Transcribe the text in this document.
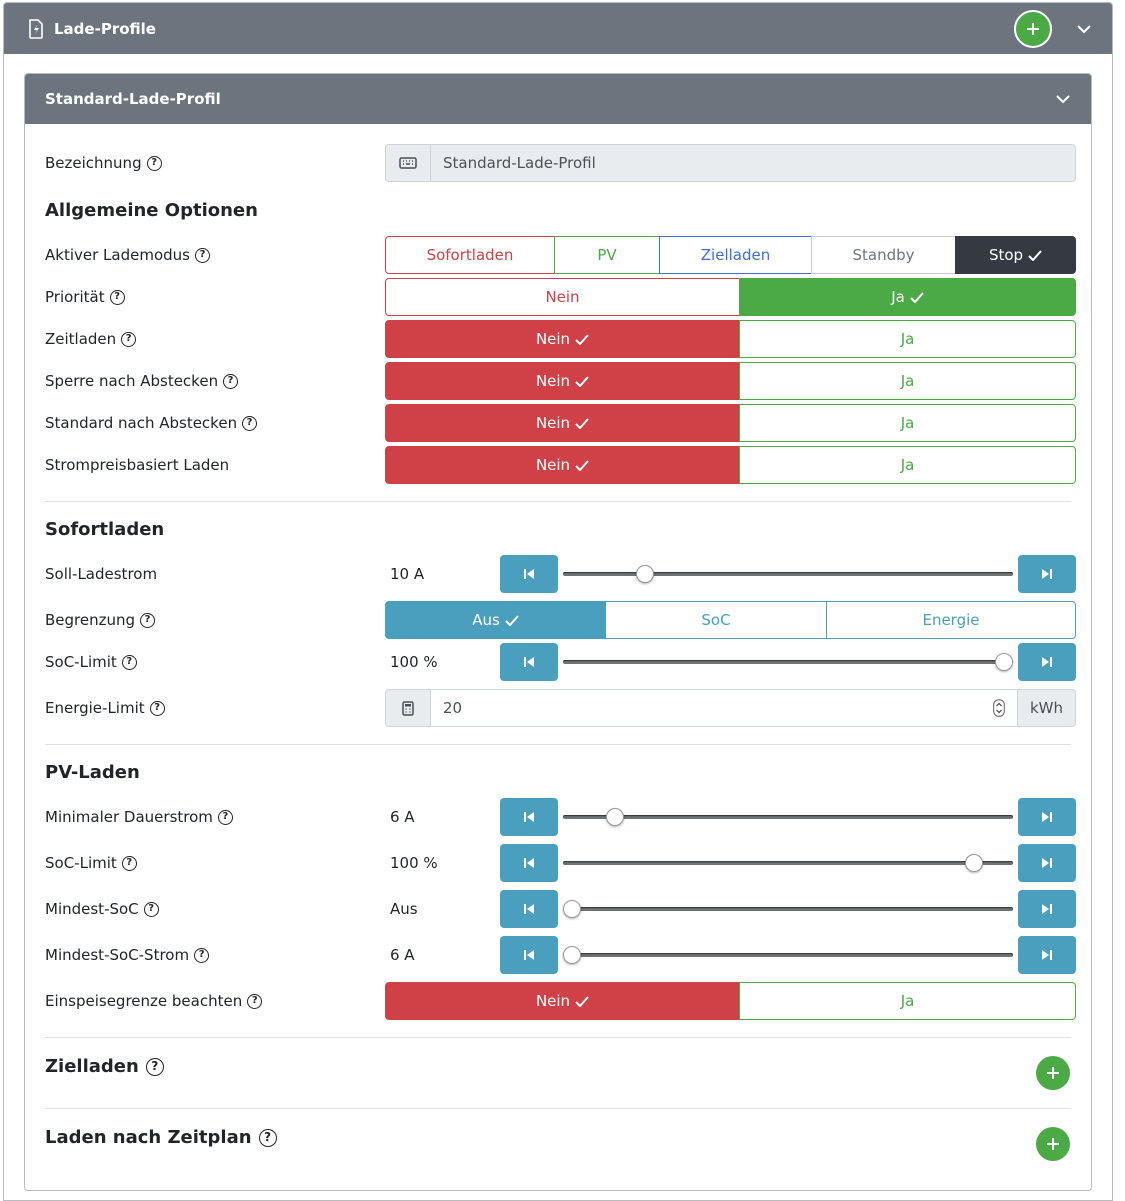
Lade-Profile
Standard-Lade-Profil
Bezeichnung ?	Standard-Lade-Profil
Allgemeine Optionen
Aktiver Lademodus ?	Sofortladen	PV	Zielladen	Standby	Stop
Priorität ?	Nein	Ja
Zeitladen ?	Nein	Ja
Sperre nach Abstecken ?	Nein	Ja
Standard nach Abstecken ?	Nein	Ja
Strompreisbasiert Laden	Nein	Ja
Sofortladen
Soll-Ladestrom	10 A
Begrenzung ?	Aus	SoC	Energie
SoC-Limit ?	100 %
Energie-Limit ?	20	kWh
PV-Laden
Minimaler Dauerstrom ?	6 A
SoC-Limit ?	100 %
Mindest-SoC ?	Aus
Mindest-SoC-Strom ?	6 A
Einspeisegrenze beachten ?	Nein	Ja
Zielladen	?
Laden nach Zeitplan	?
